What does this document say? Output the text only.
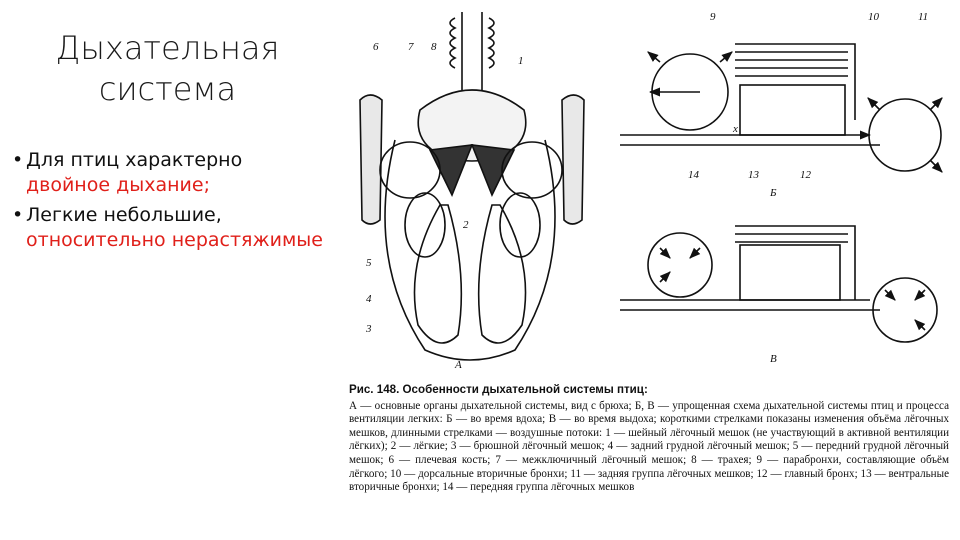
Дыхательная
система
• Для птиц характерно
двойное дыхание;
• Легкие небольшие,
относительно нерастяжимые
6	7 8
1
2
5
4
3
А
9	10	11
14	13	12
x
Б
В
Рис. 148. Особенности дыхательной системы птиц:
А — основные органы дыхательной системы, вид с брюха; Б, В — упрощенная схема дыхательной системы птиц и процесса вентиляции легких: Б — во время вдоха; В — во время выдоха; короткими стрелками показаны изменения объёма лёгочных мешков, длинными стрелками — воздушные потоки: 1 — шейный лёгочный мешок (не участвующий в активной вентиляции лёгких); 2 — лёгкие; 3 — брюшной лёгочный мешок; 4 — задний грудной лёгочный мешок; 5 — передний грудной лёгочный мешок; 6 — плечевая кость; 7 — межключичный лёгочный мешок; 8 — трахея; 9 — парабронхи, составляющие объём лёгкого; 10 — дорсальные вторичные бронхи; 11 — задняя группа лёгочных мешков; 12 — главный бронх; 13 — вентральные вторичные бронхи; 14 — передняя группа лёгочных мешков
